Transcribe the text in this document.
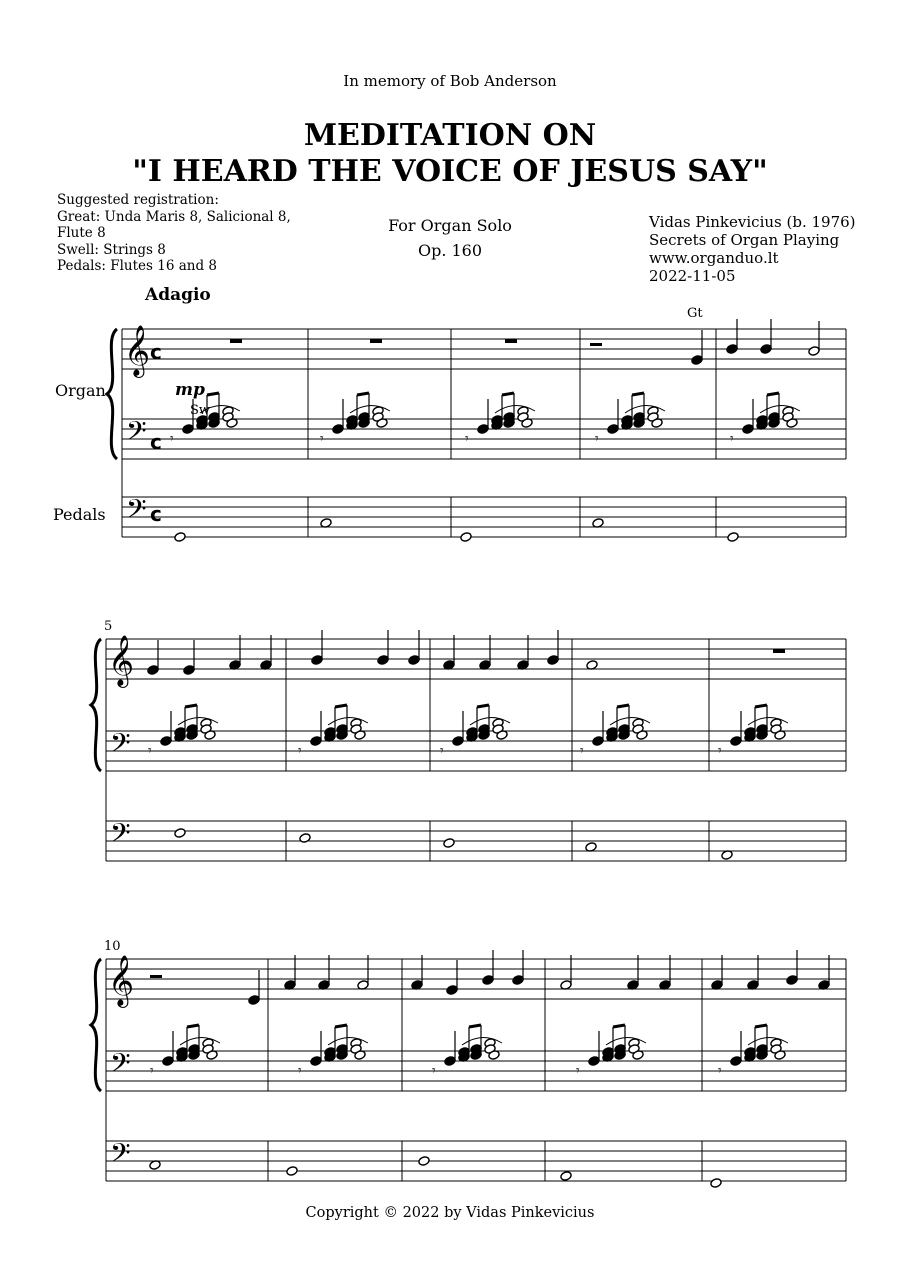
In memory of Bob Anderson
MEDITATION ON
"I HEARD THE VOICE OF JESUS SAY"
Suggested registration:
Great: Unda Maris 8, Salicional 8,
Flute 8
Swell: Strings 8
Pedals: Flutes 16 and 8
For Organ Solo
Op. 160
Vidas Pinkevicius (b. 1976)
Secrets of Organ Playing
www.organduo.lt
2022-11-05
Adagio
𝄞
𝄢
𝄢
𝄾	𝄾	𝄾	𝄾	𝄾
𝄞
𝄢
𝄢
𝄾	𝄾	𝄾	𝄾	𝄾
𝄞
𝄢
𝄢
𝄾	𝄾	𝄾	𝄾	𝄾
Organ
Pedals
mp
Sw
Gt
5
10
c
c
c
Copyright © 2022 by Vidas Pinkevicius
